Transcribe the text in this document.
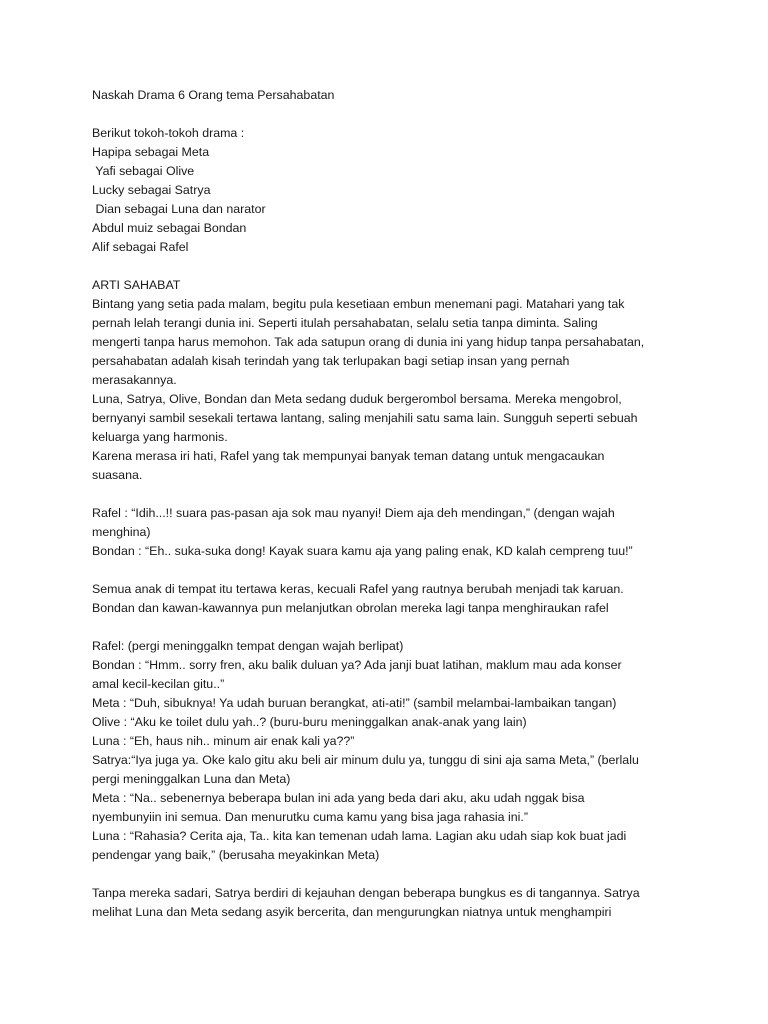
Naskah Drama 6 Orang tema Persahabatan
Berikut tokoh-tokoh drama :
Hapipa sebagai Meta
Yafi sebagai Olive
Lucky sebagai Satrya
Dian sebagai Luna dan narator
Abdul muiz sebagai Bondan
Alif sebagai Rafel
ARTI SAHABAT
Bintang yang setia pada malam, begitu pula kesetiaan embun menemani pagi. Matahari yang tak
pernah lelah terangi dunia ini. Seperti itulah persahabatan, selalu setia tanpa diminta. Saling
mengerti tanpa harus memohon. Tak ada satupun orang di dunia ini yang hidup tanpa persahabatan,
persahabatan adalah kisah terindah yang tak terlupakan bagi setiap insan yang pernah
merasakannya.
Luna, Satrya, Olive, Bondan dan Meta sedang duduk bergerombol bersama. Mereka mengobrol,
bernyanyi sambil sesekali tertawa lantang, saling menjahili satu sama lain. Sungguh seperti sebuah
keluarga yang harmonis.
Karena merasa iri hati, Rafel yang tak mempunyai banyak teman datang untuk mengacaukan
suasana.
Rafel : “Idih...!! suara pas-pasan aja sok mau nyanyi! Diem aja deh mendingan,” (dengan wajah
menghina)
Bondan : “Eh.. suka-suka dong! Kayak suara kamu aja yang paling enak, KD kalah cempreng tuu!”
Semua anak di tempat itu tertawa keras, kecuali Rafel yang rautnya berubah menjadi tak karuan.
Bondan dan kawan-kawannya pun melanjutkan obrolan mereka lagi tanpa menghiraukan rafel
Rafel: (pergi meninggalkn tempat dengan wajah berlipat)
Bondan : “Hmm.. sorry fren, aku balik duluan ya? Ada janji buat latihan, maklum mau ada konser
amal kecil-kecilan gitu..”
Meta : “Duh, sibuknya! Ya udah buruan berangkat, ati-ati!” (sambil melambai-lambaikan tangan)
Olive : “Aku ke toilet dulu yah..? (buru-buru meninggalkan anak-anak yang lain)
Luna : “Eh, haus nih.. minum air enak kali ya??”
Satrya:“Iya juga ya. Oke kalo gitu aku beli air minum dulu ya, tunggu di sini aja sama Meta,” (berlalu
pergi meninggalkan Luna dan Meta)
Meta : “Na.. sebenernya beberapa bulan ini ada yang beda dari aku, aku udah nggak bisa
nyembunyiin ini semua. Dan menurutku cuma kamu yang bisa jaga rahasia ini.”
Luna : “Rahasia? Cerita aja, Ta.. kita kan temenan udah lama. Lagian aku udah siap kok buat jadi
pendengar yang baik,” (berusaha meyakinkan Meta)
Tanpa mereka sadari, Satrya berdiri di kejauhan dengan beberapa bungkus es di tangannya. Satrya
melihat Luna dan Meta sedang asyik bercerita, dan mengurungkan niatnya untuk menghampiri
